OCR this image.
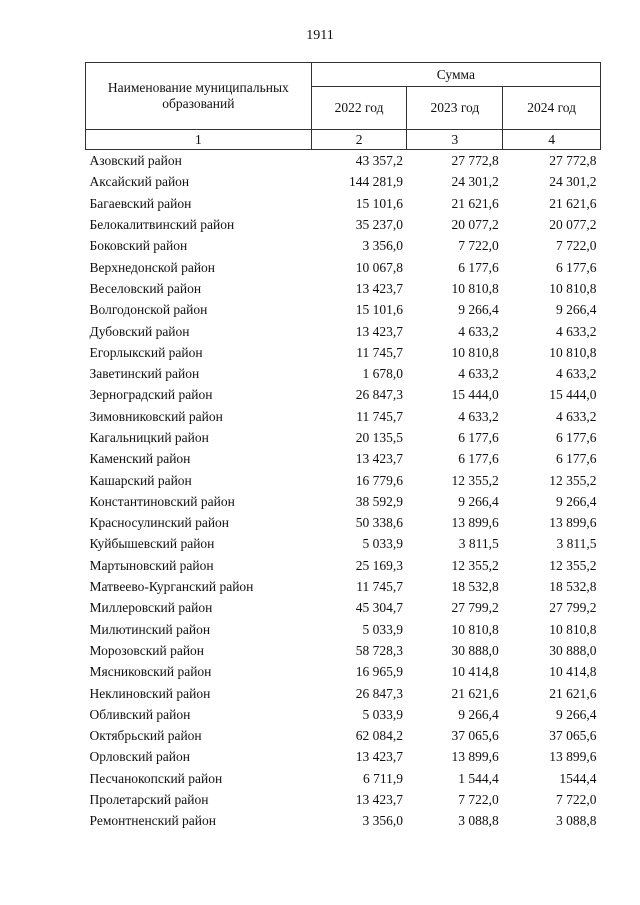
1911
Наименование муниципальных образований	Сумма		
	2022 год	2023 год	2024 год
1	2	3	4
Азовский район	43 357,2	27 772,8	27 772,8
Аксайский район	144 281,9	24 301,2	24 301,2
Багаевский район	15 101,6	21 621,6	21 621,6
Белокалитвинский район	35 237,0	20 077,2	20 077,2
Боковский район	3 356,0	7 722,0	7 722,0
Верхнедонской район	10 067,8	6 177,6	6 177,6
Веселовский район	13 423,7	10 810,8	10 810,8
Волгодонской район	15 101,6	9 266,4	9 266,4
Дубовский район	13 423,7	4 633,2	4 633,2
Егорлыкский район	11 745,7	10 810,8	10 810,8
Заветинский район	1 678,0	4 633,2	4 633,2
Зерноградский район	26 847,3	15 444,0	15 444,0
Зимовниковский район	11 745,7	4 633,2	4 633,2
Кагальницкий район	20 135,5	6 177,6	6 177,6
Каменский район	13 423,7	6 177,6	6 177,6
Кашарский район	16 779,6	12 355,2	12 355,2
Константиновский район	38 592,9	9 266,4	9 266,4
Красносулинский район	50 338,6	13 899,6	13 899,6
Куйбышевский район	5 033,9	3 811,5	3 811,5
Мартыновский район	25 169,3	12 355,2	12 355,2
Матвеево-Курганский район	11 745,7	18 532,8	18 532,8
Миллеровский район	45 304,7	27 799,2	27 799,2
Милютинский район	5 033,9	10 810,8	10 810,8
Морозовский район	58 728,3	30 888,0	30 888,0
Мясниковский район	16 965,9	10 414,8	10 414,8
Неклиновский район	26 847,3	21 621,6	21 621,6
Обливский район	5 033,9	9 266,4	9 266,4
Октябрьский район	62 084,2	37 065,6	37 065,6
Орловский район	13 423,7	13 899,6	13 899,6
Песчанокопский район	6 711,9	1 544,4	1544,4
Пролетарский район	13 423,7	7 722,0	7 722,0
Ремонтненский район	3 356,0	3 088,8	3 088,8
